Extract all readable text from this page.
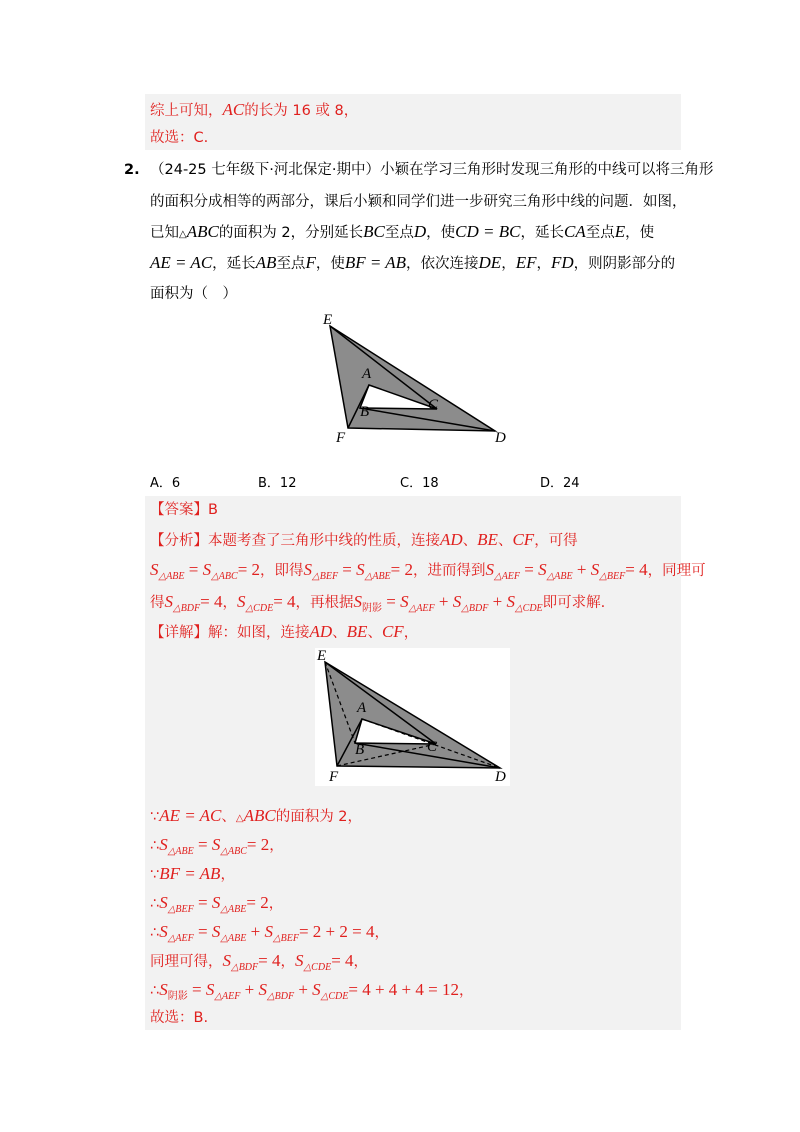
综上可知，AC的长为 16 或 8，
故选：C.
2. （24-25 七年级下·河北保定·期中）小颖在学习三角形时发现三角形的中线可以将三角形
的面积分成相等的两部分，课后小颖和同学们进一步研究三角形中线的问题．如图，
已知△ABC的面积为 2，分别延长BC至点D，使CD = BC，延长CA至点E，使
AE = AC，延长AB至点F，使BF = AB，依次连接DE，EF，FD，则阴影部分的
面积为（　）
E
A
B	C
F	D
A．6	B．12	C．18	D．24
【答案】B
【分析】本题考查了三角形中线的性质，连接AD、BE、CF，可得
$S_{\triangle ABE} = S_{\triangle ABC}= 2$，即得$S_{\triangle BEF} = S_{\triangle ABE}= 2$，进而得到$S_{\triangle AEF} = S_{\triangle ABE} + S_{\triangle BEF}= 4$，同理可
得$S_{\triangle BDF}= 4$，$S_{\triangle CDE}= 4$，再根据$S_{阴影} = S_{\triangle AEF} + S_{\triangle BDF} + S_{\triangle CDE}$即可求解.
【详解】解：如图，连接AD、BE、CF，
E
A
B	C
F	D
∵AE = AC、△ABC的面积为 2，
$\therefore S_{\triangle ABE} = S_{\triangle ABC}= 2$，
∵BF = AB，
$\therefore S_{\triangle BEF} = S_{\triangle ABE}= 2$，
$\therefore S_{\triangle AEF} = S_{\triangle ABE} + S_{\triangle BEF}= 2 + 2 = 4$，
同理可得，$S_{\triangle BDF}= 4$，$S_{\triangle CDE}= 4$，
$\therefore S_{阴影} = S_{\triangle AEF} + S_{\triangle BDF} + S_{\triangle CDE}= 4 + 4 + 4 = 12$，
故选：B.
